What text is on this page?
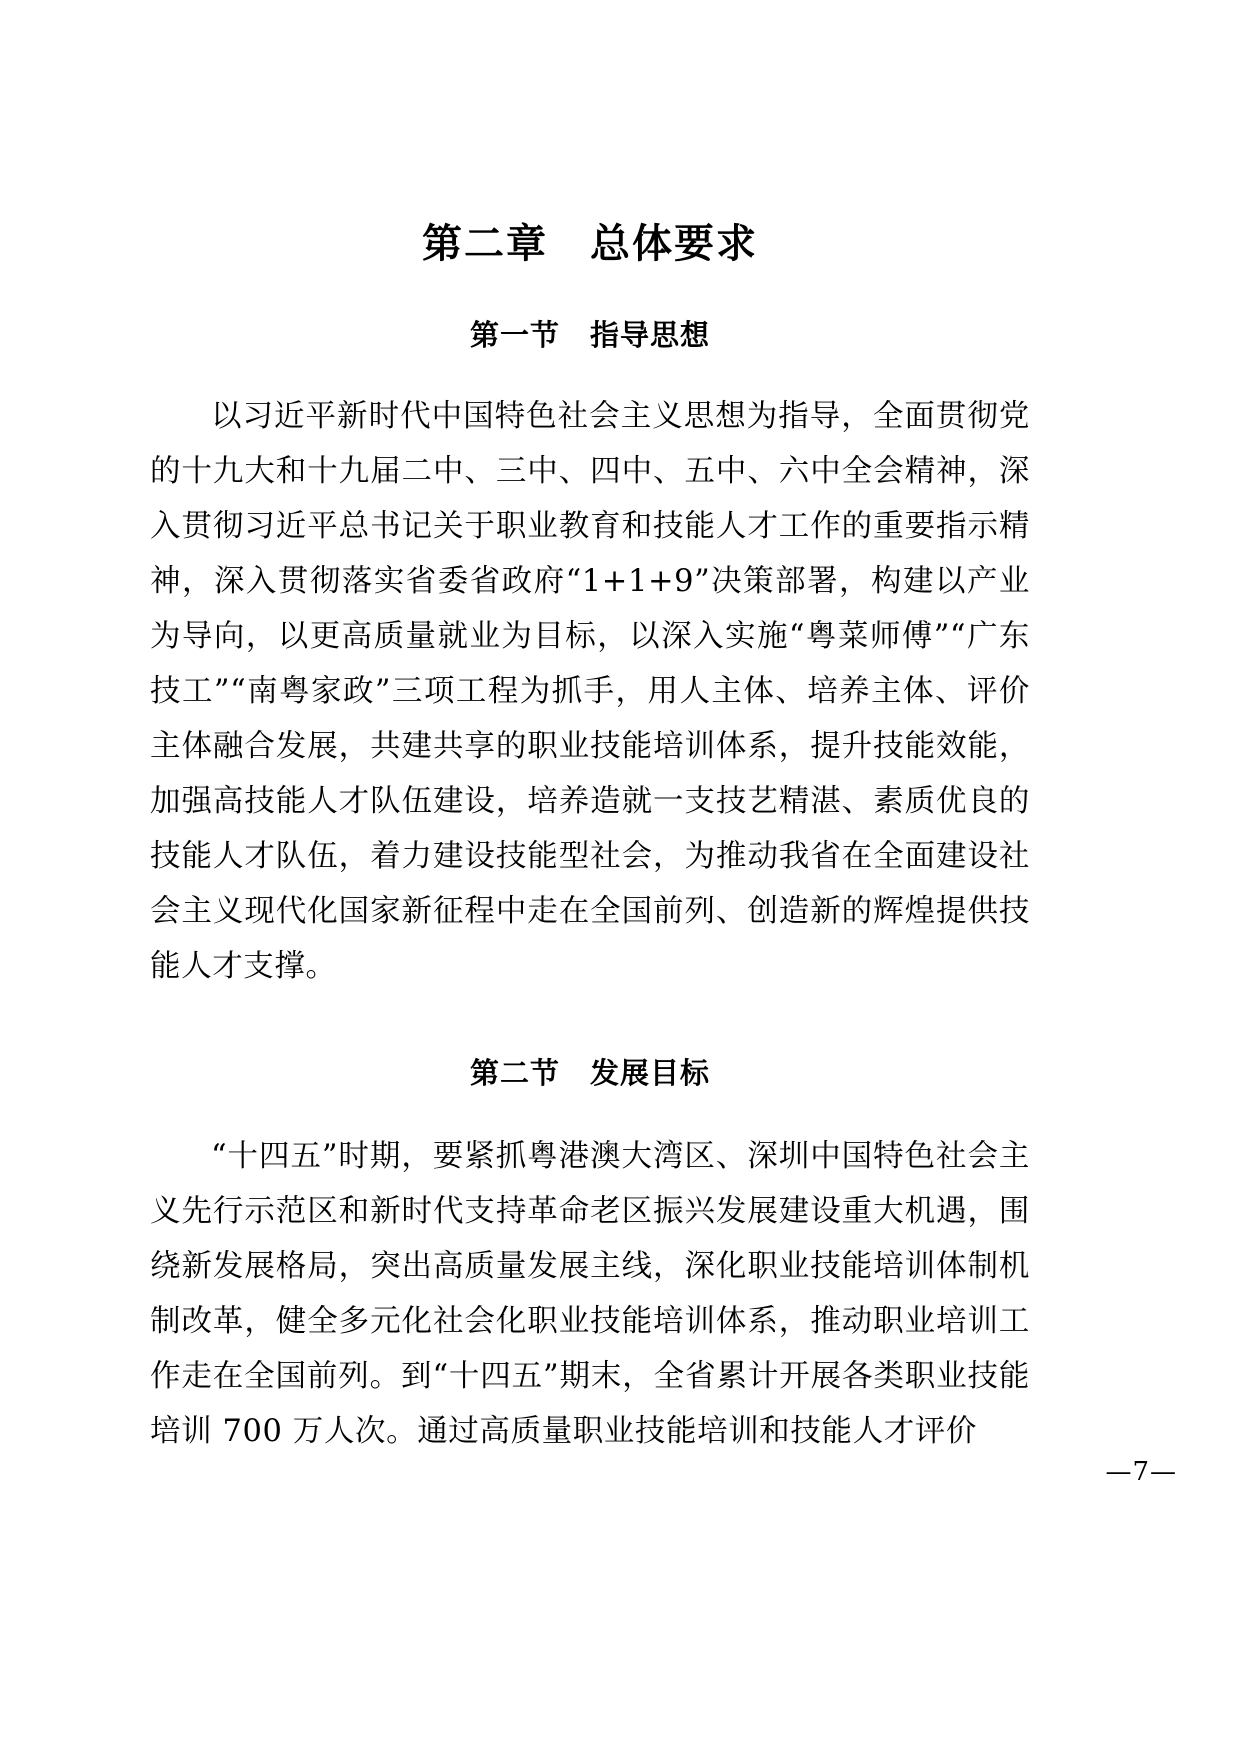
第二章　总体要求
第一节　指导思想

以习近平新时代中国特色社会主义思想为指导，全面贯彻党的十九大和十九届二中、三中、四中、五中、六中全会精神，深入贯彻习近平总书记关于职业教育和技能人才工作的重要指示精神，深入贯彻落实省委省政府“1+1+9”决策部署，构建以产业为导向，以更高质量就业为目标，以深入实施“粤菜师傅”“广东技工”“南粤家政”三项工程为抓手，用人主体、培养主体、评价主体融合发展，共建共享的职业技能培训体系，提升技能效能，加强高技能人才队伍建设，培养造就一支技艺精湛、素质优良的技能人才队伍，着力建设技能型社会，为推动我省在全面建设社会主义现代化国家新征程中走在全国前列、创造新的辉煌提供技能人才支撑。

第二节　发展目标

“十四五”时期，要紧抓粤港澳大湾区、深圳中国特色社会主义先行示范区和新时代支持革命老区振兴发展建设重大机遇，围绕新发展格局，突出高质量发展主线，深化职业技能培训体制机制改革，健全多元化社会化职业技能培训体系，推动职业培训工作走在全国前列。到“十四五”期末，全省累计开展各类职业技能培训 700 万人次。通过高质量职业技能培训和技能人才评价

—7—
